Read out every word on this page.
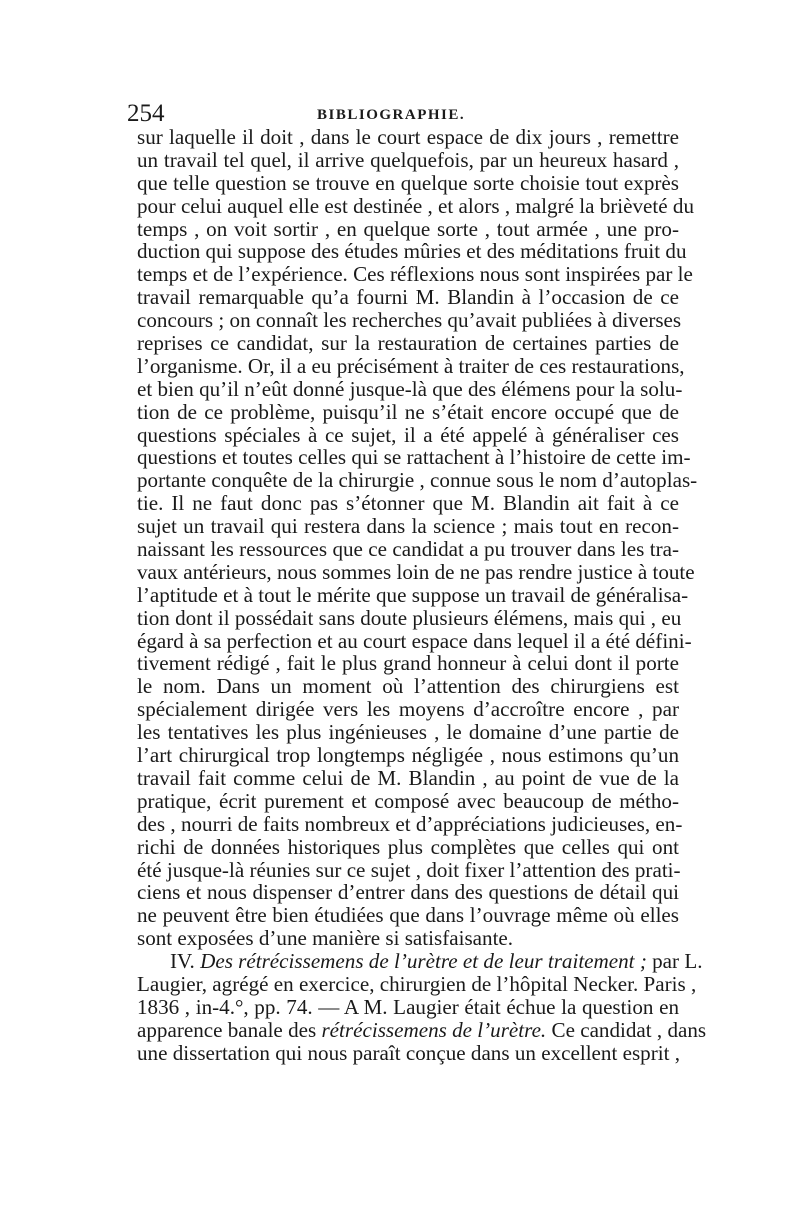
254	BIBLIOGRAPHIE.
sur laquelle il doit , dans le court espace de dix jours , remettre
un travail tel quel, il arrive quelquefois, par un heureux hasard ,
que telle question se trouve en quelque sorte choisie tout exprès
pour celui auquel elle est destinée , et alors , malgré la brièveté du
temps , on voit sortir , en quelque sorte , tout armée , une pro-
duction qui suppose des études mûries et des méditations fruit du
temps et de l’expérience. Ces réflexions nous sont inspirées par le
travail remarquable qu’a fourni M. Blandin à l’occasion de ce
concours ; on connaît les recherches qu’avait publiées à diverses
reprises ce candidat, sur la restauration de certaines parties de
l’organisme. Or, il a eu précisément à traiter de ces restaurations,
et bien qu’il n’eût donné jusque-là que des élémens pour la solu-
tion de ce problème, puisqu’il ne s’était encore occupé que de
questions spéciales à ce sujet, il a été appelé à généraliser ces
questions et toutes celles qui se rattachent à l’histoire de cette im-
portante conquête de la chirurgie , connue sous le nom d’autoplas-
tie. Il ne faut donc pas s’étonner que M. Blandin ait fait à ce
sujet un travail qui restera dans la science ; mais tout en recon-
naissant les ressources que ce candidat a pu trouver dans les tra-
vaux antérieurs, nous sommes loin de ne pas rendre justice à toute
l’aptitude et à tout le mérite que suppose un travail de généralisa-
tion dont il possédait sans doute plusieurs élémens, mais qui , eu
égard à sa perfection et au court espace dans lequel il a été défini-
tivement rédigé , fait le plus grand honneur à celui dont il porte
le nom. Dans un moment où l’attention des chirurgiens est
spécialement dirigée vers les moyens d’accroître encore , par
les tentatives les plus ingénieuses , le domaine d’une partie de
l’art chirurgical trop longtemps négligée , nous estimons qu’un
travail fait comme celui de M. Blandin , au point de vue de la
pratique, écrit purement et composé avec beaucoup de métho-
des , nourri de faits nombreux et d’appréciations judicieuses, en-
richi de données historiques plus complètes que celles qui ont
été jusque-là réunies sur ce sujet , doit fixer l’attention des prati-
ciens et nous dispenser d’entrer dans des questions de détail qui
ne peuvent être bien étudiées que dans l’ouvrage même où elles
sont exposées d’une manière si satisfaisante.
IV. Des rétrécissemens de l’urètre et de leur traitement ; par L.
Laugier, agrégé en exercice, chirurgien de l’hôpital Necker. Paris ,
1836 , in-4.°, pp. 74. — A M. Laugier était échue la question en
apparence banale des rétrécissemens de l’urètre. Ce candidat , dans
une dissertation qui nous paraît conçue dans un excellent esprit ,
